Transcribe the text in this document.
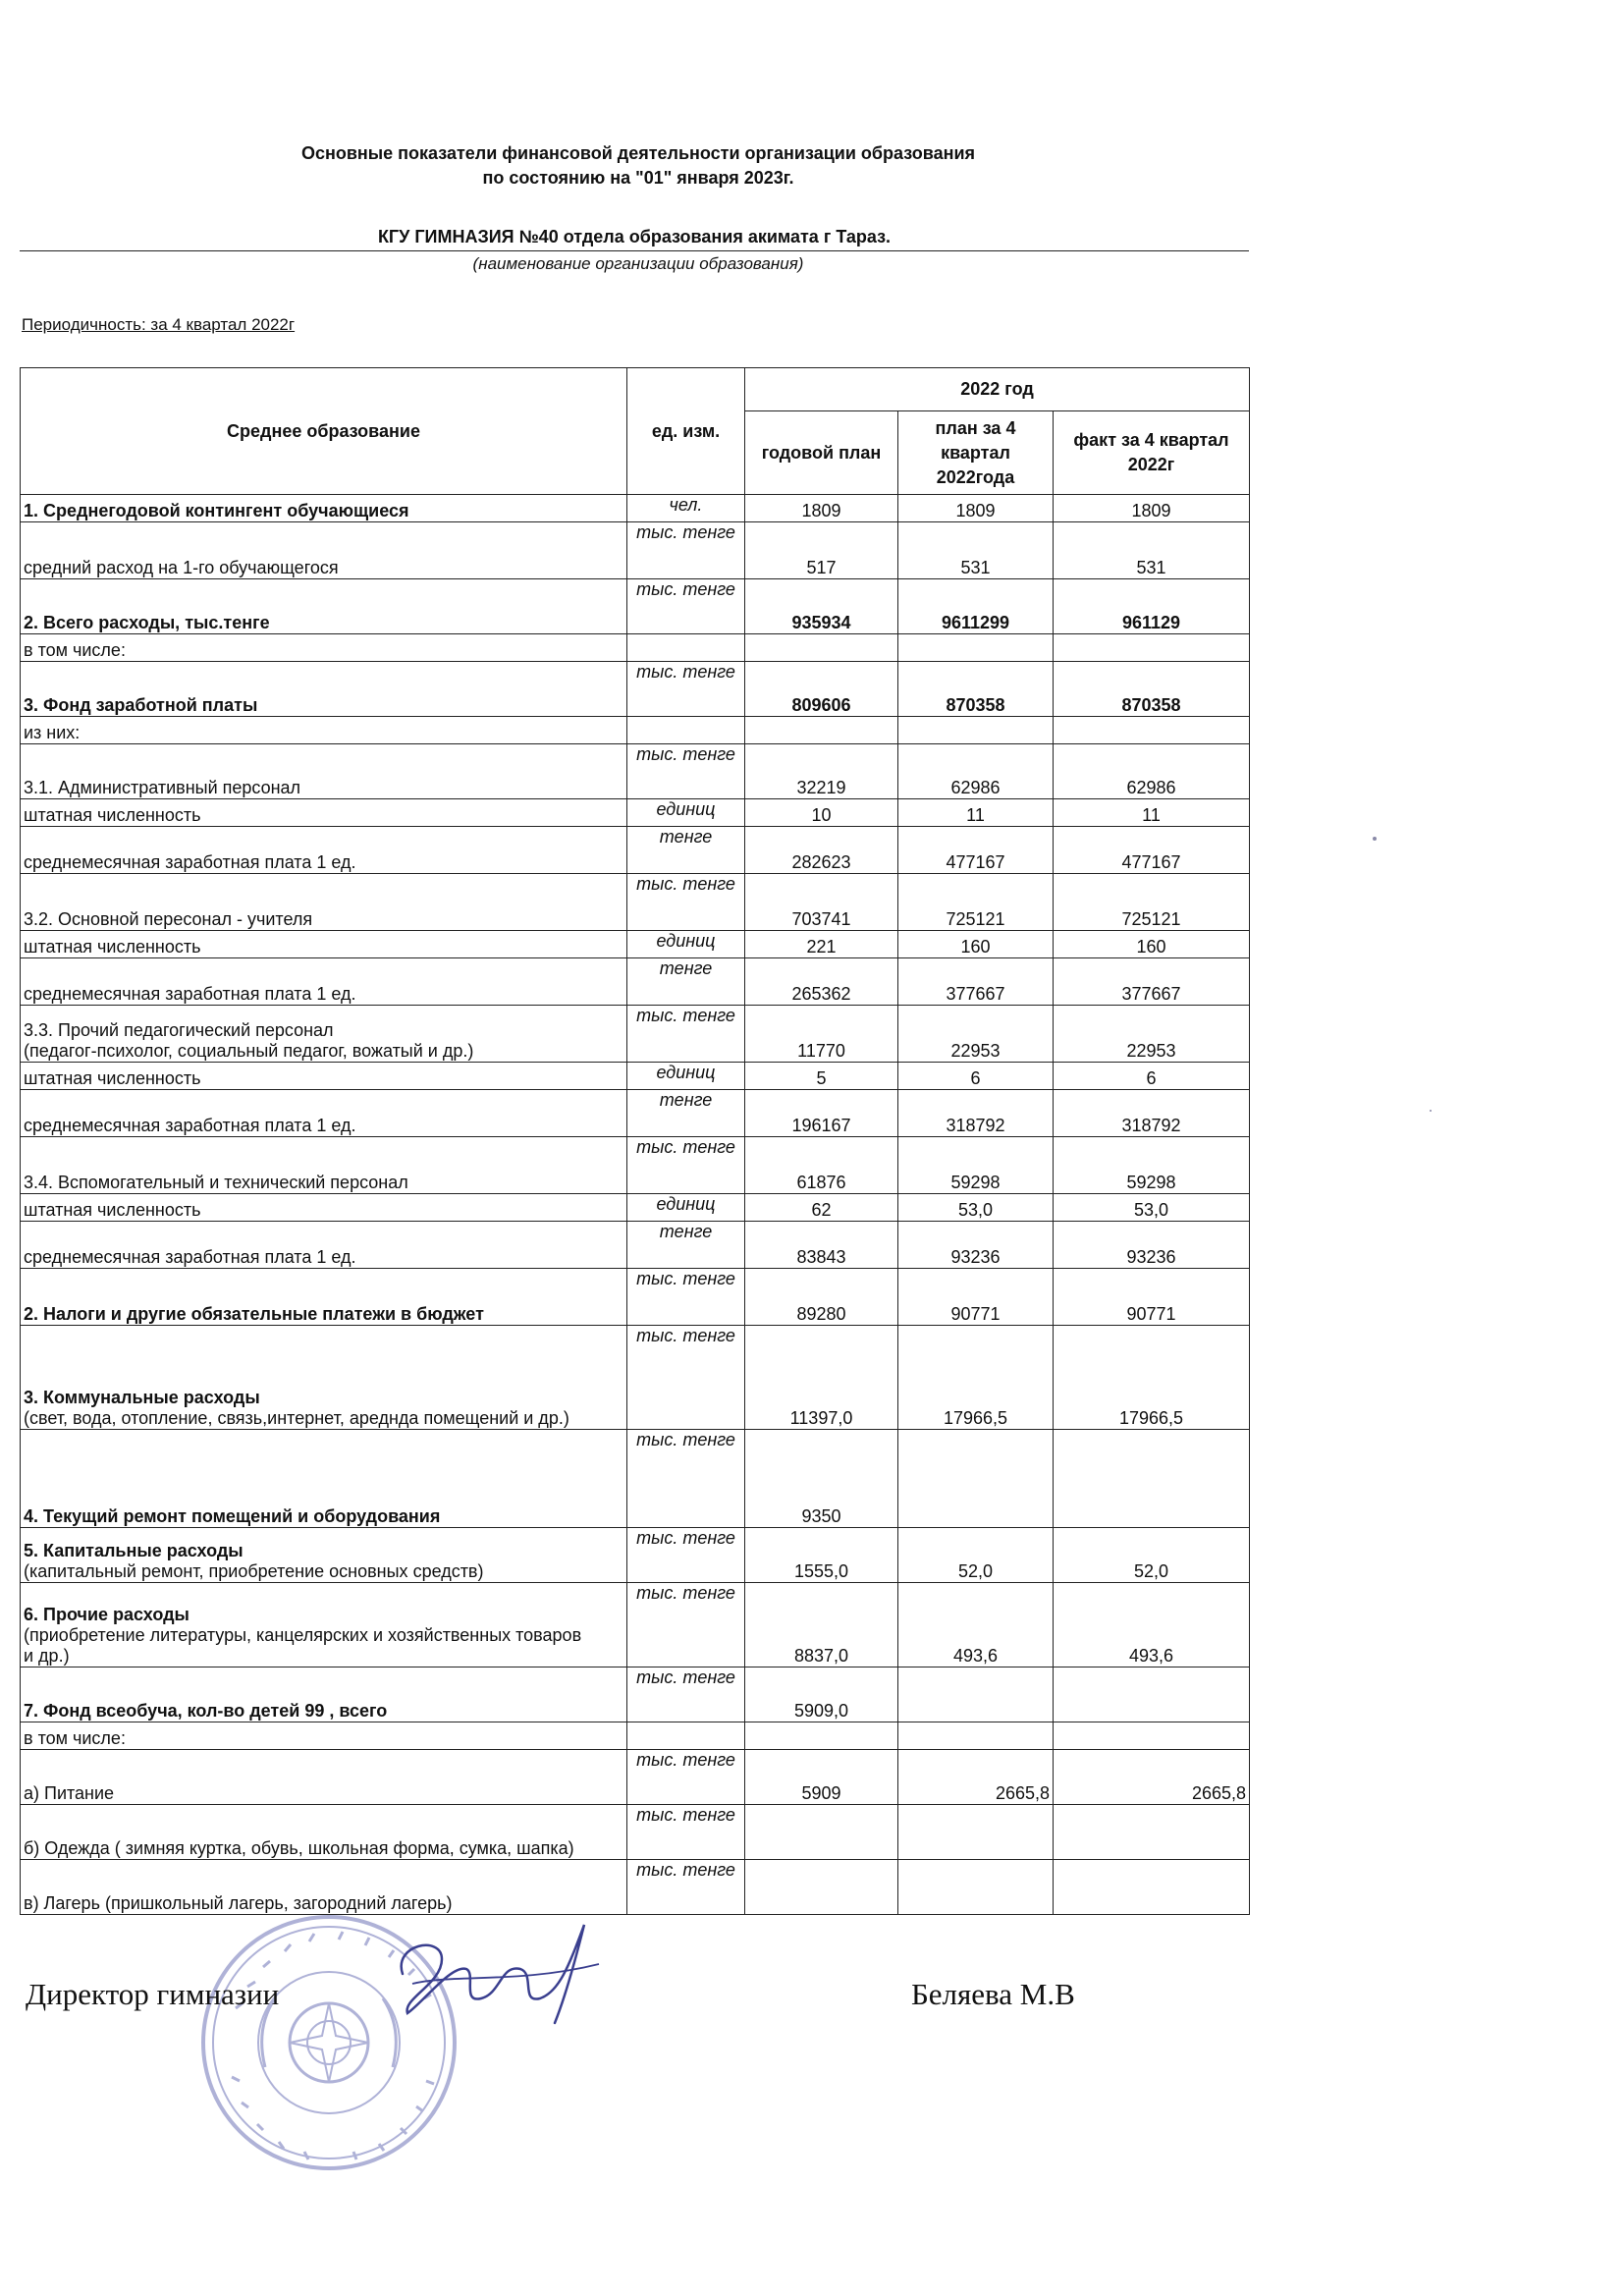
Основные показатели финансовой деятельности организации образования
по состоянию на "01" января 2023г.
КГУ ГИМНАЗИЯ №40 отдела образования акимата г Тараз.
(наименование организации образования)
Периодичность: за 4 квартал 2022г
Среднее образование	ед. изм.	2022 год		
		годовой план	план за 4 квартал 2022года	факт за 4 квартал 2022г

1. Среднегодовой контингент обучающиеся	чел.	1809	1809	1809

средний расход на 1-го обучающегося	тыс. тенге	517	531	531

2. Всего расходы, тыс.тенге	тыс. тенге	935934	9611299	961129

в том числе:				

3. Фонд заработной платы	тыс. тенге	809606	870358	870358

из них:				

3.1. Административный персонал	тыс. тенге	32219	62986	62986

штатная численность	единиц	10	11	11

среднемесячная заработная плата 1 ед.	тенге	282623	477167	477167

3.2. Основной пересонал - учителя	тыс. тенге	703741	725121	725121

штатная численность	единиц	221	160	160

среднемесячная заработная плата 1 ед.	тенге	265362	377667	377667

3.3. Прочий педагогический персонал
(педагог-психолог, социальный педагог, вожатый и др.)	тыс. тенге	11770	22953	22953

штатная численность	единиц	5	6	6

среднемесячная заработная плата 1 ед.	тенге	196167	318792	318792

3.4. Вспомогательный и технический персонал	тыс. тенге	61876	59298	59298

штатная численность	единиц	62	53,0	53,0

среднемесячная заработная плата 1 ед.	тенге	83843	93236	93236

2. Налоги и другие обязательные платежи в бюджет	тыс. тенге	89280	90771	90771

3. Коммунальные расходы
(свет, вода, отопление, связь,интернет, ареднда помещений и др.)	тыс. тенге	11397,0	17966,5	17966,5

4. Текущий ремонт помещений и оборудования	тыс. тенге	9350		

5. Капитальные расходы
(капитальный ремонт, приобретение основных средств)	тыс. тенге	1555,0	52,0	52,0

6. Прочие расходы
(приобретение литературы, канцелярских и хозяйственных товаров
и др.)	тыс. тенге	8837,0	493,6	493,6

7. Фонд всеобуча, кол-во детей 99 , всего	тыс. тенге	5909,0		

в том числе:				

а) Питание	тыс. тенге	5909	2665,8	2665,8

б) Одежда ( зимняя куртка, обувь, школьная форма, сумка, шапка)	тыс. тенге			

в) Лагерь (пришкольный лагерь, загородний лагерь)	тыс. тенге			
Директор гимназии	Беляева М.В
